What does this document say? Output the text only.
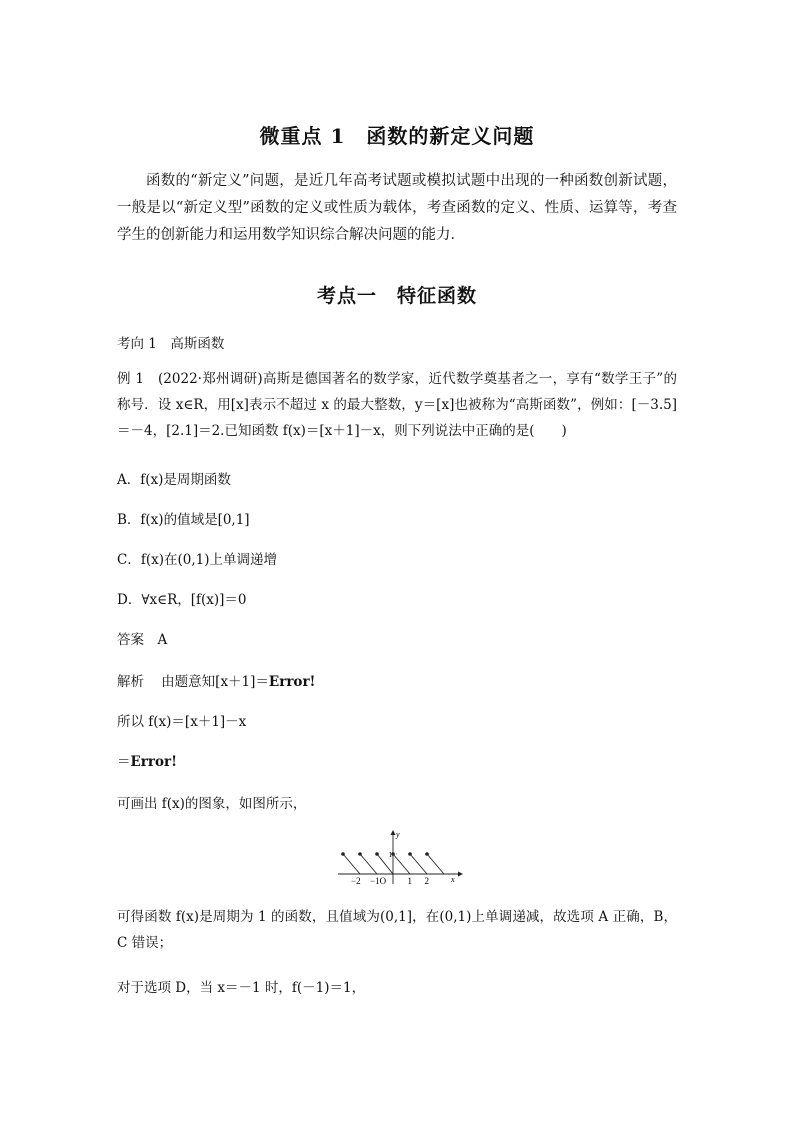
微重点 1　函数的新定义问题
函数的“新定义”问题，是近几年高考试题或模拟试题中出现的一种函数创新试题，一般是以“新定义型”函数的定义或性质为载体，考查函数的定义、性质、运算等，考查学生的创新能力和运用数学知识综合解决问题的能力．
考点一　特征函数
考向 1　高斯函数
例 1　(2022·郑州调研)高斯是德国著名的数学家，近代数学奠基者之一，享有“数学王子”的称号．设 x∈R，用[x]表示不超过 x 的最大整数，y＝[x]也被称为“高斯函数”，例如：[－3.5]＝－4，[2.1]＝2.已知函数 f(x)＝[x＋1]－x，则下列说法中正确的是(　　)
A．f(x)是周期函数
B．f(x)的值域是[0,1]
C．f(x)在(0,1)上单调递增
D．∀x∈R，[f(x)]＝0
答案　A
解析 由题意知[x＋1]＝Error!
所以 f(x)＝[x＋1]－x
＝Error!
可画出 f(x)的图象，如图所示，
y
x
1
−2 −1O 1 2
可得函数 f(x)是周期为 1 的函数，且值域为(0,1]，在(0,1)上单调递减，故选项 A 正确，B，C 错误；
对于选项 D，当 x＝－1 时，f(－1)＝1，
